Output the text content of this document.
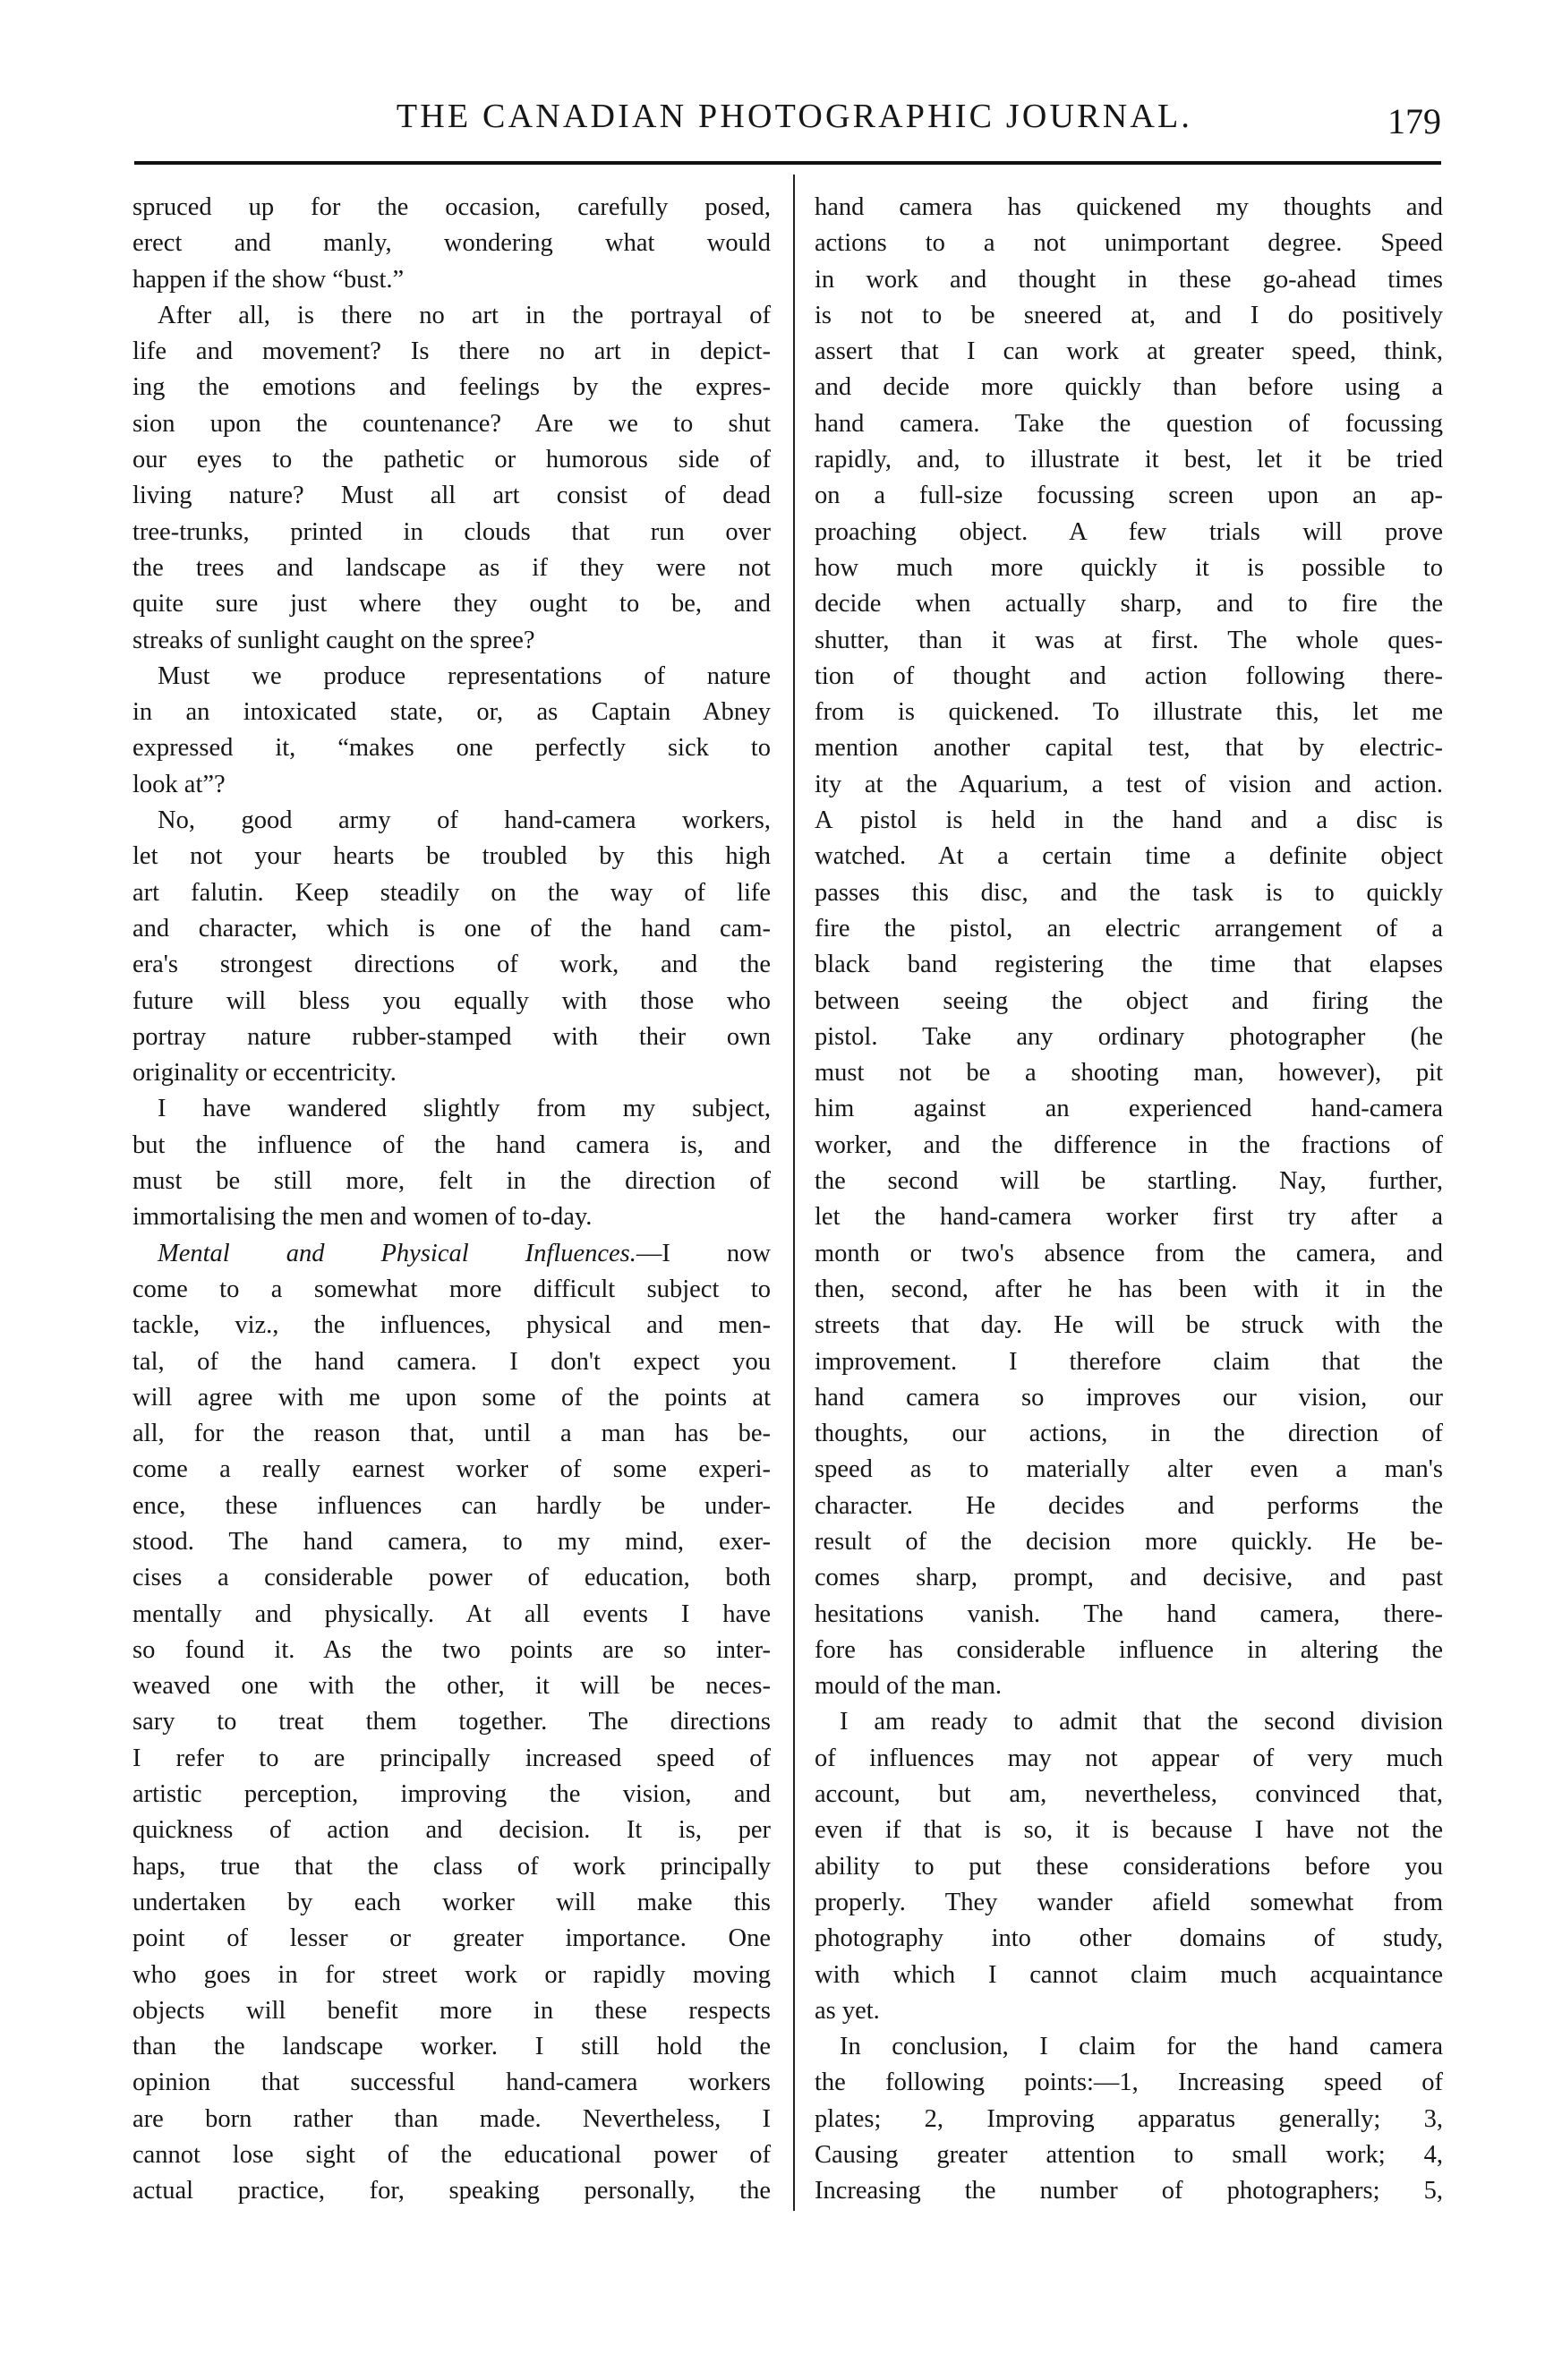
THE CANADIAN PHOTOGRAPHIC JOURNAL.	179
spruced up for the occasion, carefully posed,
erect and manly, wondering what would
happen if the show “bust.”
After all, is there no art in the portrayal of
life and movement? Is there no art in depict-
ing the emotions and feelings by the expres-
sion upon the countenance? Are we to shut
our eyes to the pathetic or humorous side of
living nature? Must all art consist of dead
tree-trunks, printed in clouds that run over
the trees and landscape as if they were not
quite sure just where they ought to be, and
streaks of sunlight caught on the spree?
Must we produce representations of nature
in an intoxicated state, or, as Captain Abney
expressed it, “makes one perfectly sick to
look at”?
No, good army of hand-camera workers,
let not your hearts be troubled by this high
art falutin. Keep steadily on the way of life
and character, which is one of the hand cam-
era's strongest directions of work, and the
future will bless you equally with those who
portray nature rubber-stamped with their own
originality or eccentricity.
I have wandered slightly from my subject,
but the influence of the hand camera is, and
must be still more, felt in the direction of
immortalising the men and women of to-day.
Mental and Physical Influences.—I now
come to a somewhat more difficult subject to
tackle, viz., the influences, physical and men-
tal, of the hand camera. I don't expect you
will agree with me upon some of the points at
all, for the reason that, until a man has be-
come a really earnest worker of some experi-
ence, these influences can hardly be under-
stood. The hand camera, to my mind, exer-
cises a considerable power of education, both
mentally and physically. At all events I have
so found it. As the two points are so inter-
weaved one with the other, it will be neces-
sary to treat them together. The directions
I refer to are principally increased speed of
artistic perception, improving the vision, and
quickness of action and decision. It is, per
haps, true that the class of work principally
undertaken by each worker will make this
point of lesser or greater importance. One
who goes in for street work or rapidly moving
objects will benefit more in these respects
than the landscape worker. I still hold the
opinion that successful hand-camera workers
are born rather than made. Nevertheless, I
cannot lose sight of the educational power of
actual practice, for, speaking personally, the
hand camera has quickened my thoughts and
actions to a not unimportant degree. Speed
in work and thought in these go-ahead times
is not to be sneered at, and I do positively
assert that I can work at greater speed, think,
and decide more quickly than before using a
hand camera. Take the question of focussing
rapidly, and, to illustrate it best, let it be tried
on a full-size focussing screen upon an ap-
proaching object. A few trials will prove
how much more quickly it is possible to
decide when actually sharp, and to fire the
shutter, than it was at first. The whole ques-
tion of thought and action following there-
from is quickened. To illustrate this, let me
mention another capital test, that by electric-
ity at the Aquarium, a test of vision and action.
A pistol is held in the hand and a disc is
watched. At a certain time a definite object
passes this disc, and the task is to quickly
fire the pistol, an electric arrangement of a
black band registering the time that elapses
between seeing the object and firing the
pistol. Take any ordinary photographer (he
must not be a shooting man, however), pit
him against an experienced hand-camera
worker, and the difference in the fractions of
the second will be startling. Nay, further,
let the hand-camera worker first try after a
month or two's absence from the camera, and
then, second, after he has been with it in the
streets that day. He will be struck with the
improvement. I therefore claim that the
hand camera so improves our vision, our
thoughts, our actions, in the direction of
speed as to materially alter even a man's
character. He decides and performs the
result of the decision more quickly. He be-
comes sharp, prompt, and decisive, and past
hesitations vanish. The hand camera, there-
fore has considerable influence in altering the
mould of the man.
I am ready to admit that the second division
of influences may not appear of very much
account, but am, nevertheless, convinced that,
even if that is so, it is because I have not the
ability to put these considerations before you
properly. They wander afield somewhat from
photography into other domains of study,
with which I cannot claim much acquaintance
as yet.
In conclusion, I claim for the hand camera
the following points:—1, Increasing speed of
plates; 2, Improving apparatus generally; 3,
Causing greater attention to small work; 4,
Increasing the number of photographers; 5,
